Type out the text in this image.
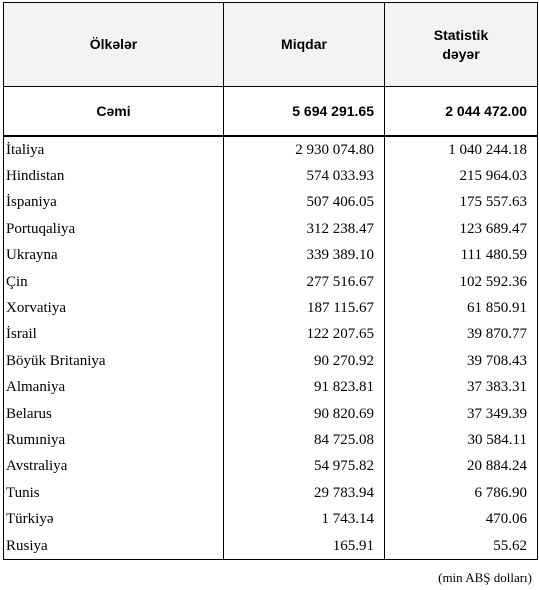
Ölkələr	Miqdar	Statistik
dəyər
Cəmi	5 694 291.65	2 044 472.00
İtaliya	2 930 074.80	1 040 244.18
Hindistan	574 033.93	215 964.03
İspaniya	507 406.05	175 557.63
Portuqaliya	312 238.47	123 689.47
Ukrayna	339 389.10	111 480.59
Çin	277 516.67	102 592.36
Xorvatiya	187 115.67	61 850.91
İsrail	122 207.65	39 870.77
Böyük Britaniya	90 270.92	39 708.43
Almaniya	91 823.81	37 383.31
Belarus	90 820.69	37 349.39
Rumıniya	84 725.08	30 584.11
Avstraliya	54 975.82	20 884.24
Tunis	29 783.94	6 786.90
Türkiyə	1 743.14	470.06
Rusiya	165.91	55.62
(min ABŞ dolları)
